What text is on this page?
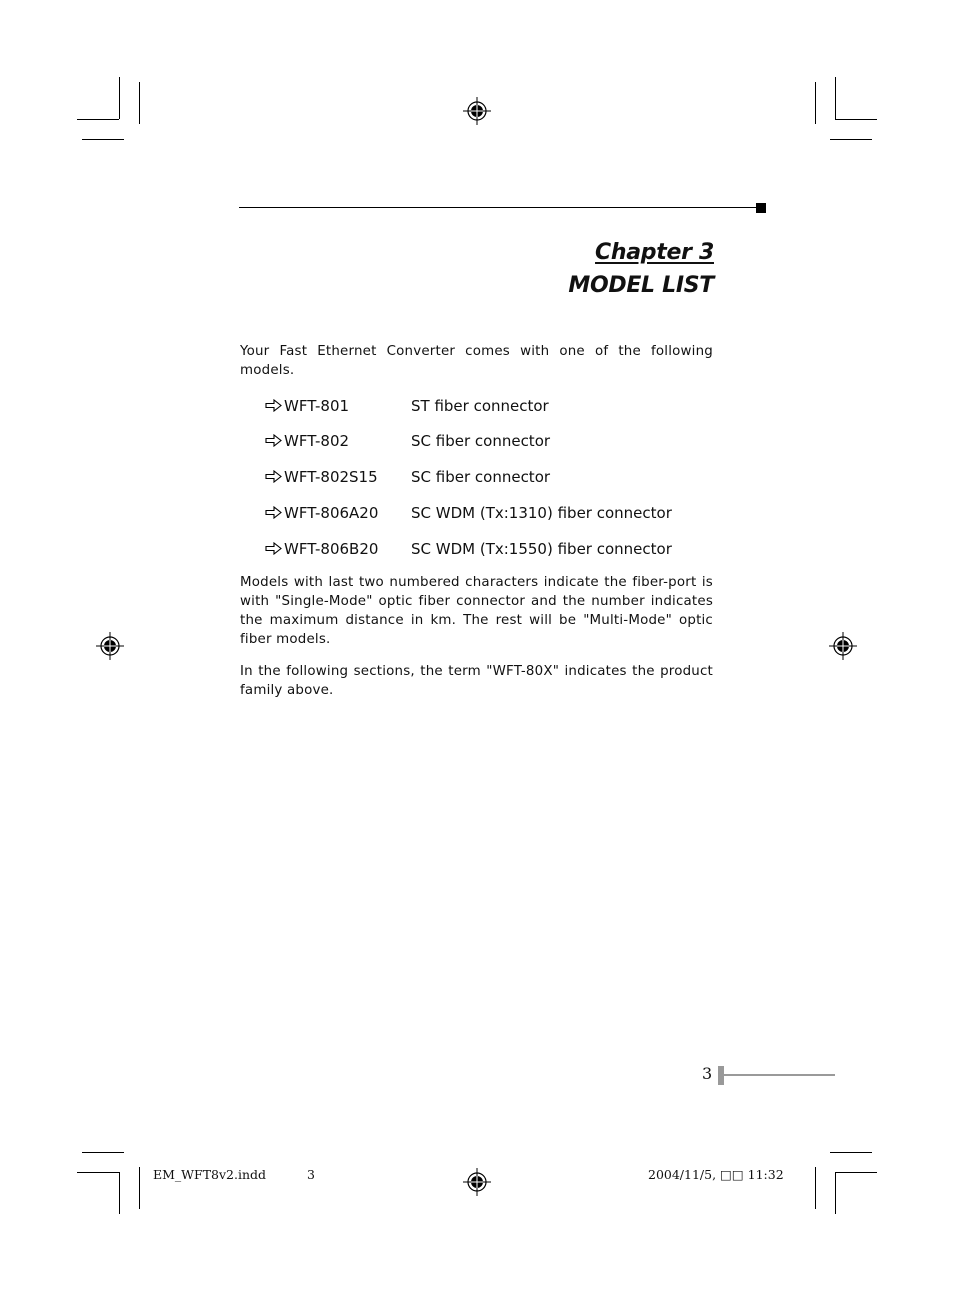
Chapter 3
MODEL LIST
Your Fast Ethernet Converter comes with one of the following models.
WFT-801	ST fiber connector
WFT-802	SC fiber connector
WFT-802S15 SC fiber connector
WFT-806A20 SC WDM (Tx:1310) fiber connector
WFT-806B20 SC WDM (Tx:1550) fiber connector
Models with last two numbered characters indicate the fiber-port is with "Single-Mode" optic fiber connector and the number indicates the maximum distance in km. The rest will be "Multi-Mode" optic fiber models.
In the following sections, the term "WFT-80X" indicates the product family above.
3
EM_WFT8v2.indd	3	2004/11/5, □□ 11:32
